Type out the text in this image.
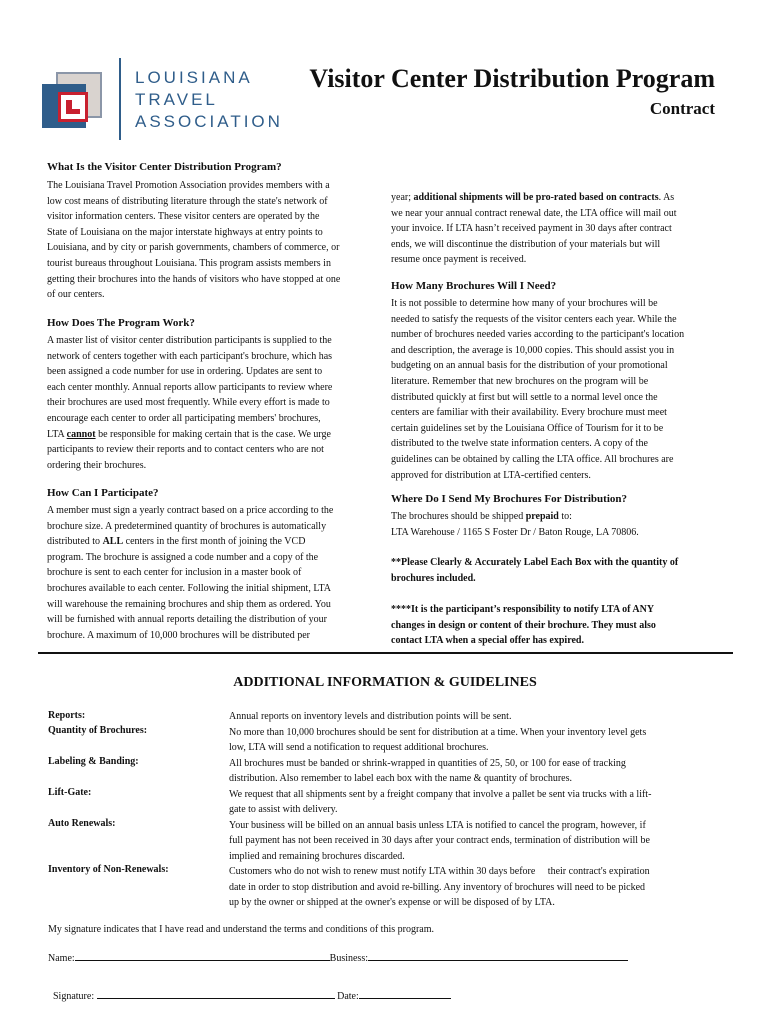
LOUISIANA
TRAVEL
ASSOCIATION
Visitor Center Distribution Program
Contract
What Is the Visitor Center Distribution Program?
The Louisiana Travel Promotion Association provides members with a
low cost means of distributing literature through the state's network of
visitor information centers. These visitor centers are operated by the
State of Louisiana on the major interstate highways at entry points to
Louisiana, and by city or parish governments, chambers of commerce, or
tourist bureaus throughout Louisiana. This program assists members in
getting their brochures into the hands of visitors who have stopped at one
of our centers.
How Does The Program Work?
A master list of visitor center distribution participants is supplied to the
network of centers together with each participant's brochure, which has
been assigned a code number for use in ordering. Updates are sent to
each center monthly. Annual reports allow participants to review where
their brochures are used most frequently. While every effort is made to
encourage each center to order all participating members' brochures,
LTA cannot be responsible for making certain that is the case. We urge
participants to review their reports and to contact centers who are not
ordering their brochures.
How Can I Participate?
A member must sign a yearly contract based on a price according to the
brochure size. A predetermined quantity of brochures is automatically
distributed to ALL centers in the first month of joining the VCD
program. The brochure is assigned a code number and a copy of the
brochure is sent to each center for inclusion in a master book of
brochures available to each center. Following the initial shipment, LTA
will warehouse the remaining brochures and ship them as ordered. You
will be furnished with annual reports detailing the distribution of your
brochure. A maximum of 10,000 brochures will be distributed per
year; additional shipments will be pro-rated based on contracts. As
we near your annual contract renewal date, the LTA office will mail out
your invoice. If LTA hasn’t received payment in 30 days after contract
ends, we will discontinue the distribution of your materials but will
resume once payment is received.
How Many Brochures Will I Need?
It is not possible to determine how many of your brochures will be
needed to satisfy the requests of the visitor centers each year. While the
number of brochures needed varies according to the participant's location
and description, the average is 10,000 copies. This should assist you in
budgeting on an annual basis for the distribution of your promotional
literature. Remember that new brochures on the program will be
distributed quickly at first but will settle to a normal level once the
centers are familiar with their availability. Every brochure must meet
certain guidelines set by the Louisiana Office of Tourism for it to be
distributed to the twelve state information centers. A copy of the
guidelines can be obtained by calling the LTA office. All brochures are
approved for distribution at LTA-certified centers.
Where Do I Send My Brochures For Distribution?
The brochures should be shipped prepaid to:
LTA Warehouse / 1165 S Foster Dr / Baton Rouge, LA 70806.
**Please Clearly & Accurately Label Each Box with the quantity of
brochures included.
****It is the participant’s responsibility to notify LTA of ANY
changes in design or content of their brochure. They must also
contact LTA when a special offer has expired.
ADDITIONAL INFORMATION & GUIDELINES
Reports:
Quantity of Brochures:
Labeling & Banding:
Lift-Gate:
Auto Renewals:
Inventory of Non-Renewals:
Annual reports on inventory levels and distribution points will be sent.
No more than 10,000 brochures should be sent for distribution at a time. When your inventory level gets
low, LTA will send a notification to request additional brochures.
All brochures must be banded or shrink-wrapped in quantities of 25, 50, or 100 for ease of tracking
distribution. Also remember to label each box with the name & quantity of brochures.
We request that all shipments sent by a freight company that involve a pallet be sent via trucks with a lift-
gate to assist with delivery.
Your business will be billed on an annual basis unless LTA is notified to cancel the program, however, if
full payment has not been received in 30 days after your contract ends, termination of distribution will be
implied and remaining brochures discarded.
Customers who do not wish to renew must notify LTA within 30 days before     their contract's expiration
date in order to stop distribution and avoid re-billing. Any inventory of brochures will need to be picked
up by the owner or shipped at the owner's expense or will be disposed of by LTA.
My signature indicates that I have read and understand the terms and conditions of this program.
Name:	Business:

Signature:	Date:
